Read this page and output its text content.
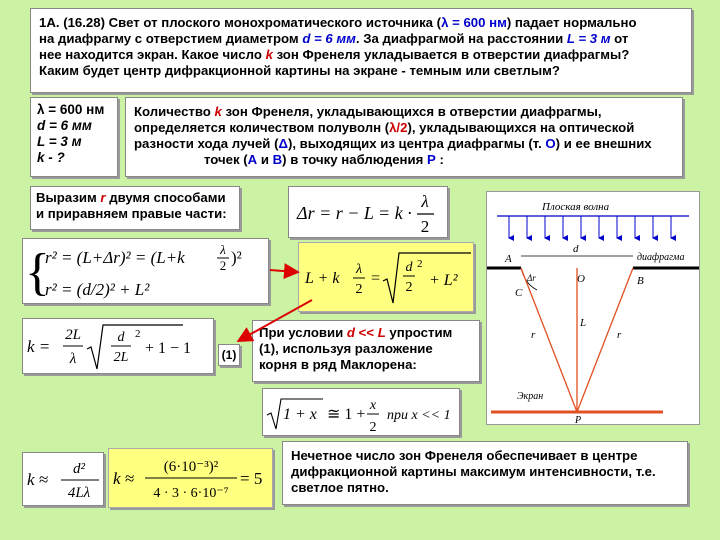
1А. (16.28) Свет от плоского монохроматического источника (λ = 600 нм) падает нормально
на диафрагму с отверстием диаметром d = 6 мм. За диафрагмой на расстоянии L = 3 м от
нее находится экран. Какое число k зон Френеля укладывается в отверстии диафрагмы?
Каким будет центр дифракционной картины на экране - темным или светлым?
λ = 600 нм
d = 6 мм
L = 3 м
k - ?
Количество k зон Френеля, укладывающихся в отверстии диафрагмы,
определяется количеством полуволн (λ/2), укладывающихся на оптической
разности хода лучей (Δ), выходящих из центра диафрагмы (т. О) и ее внешних
точек (А и В) в точку наблюдения Р :
Выразим r двумя способами
и приравняем правые части:	Δr = r − L = k ·
λ
2
{
r² = (L+Δr)² = (L+k	λ
2 )²
r² = (d/2)² + L²
L + k
λ
2
=
d
2
2
+ L²
k =
2L
λ
d
2L
2
+ 1 − 1	(1)
При условии d << L упростим
(1), используя разложение
корня в ряд Маклорена:
1 + x ≅ 1 +
x
2
при x << 1
k ≈
d²
4Lλ
k ≈
(6·10⁻³)²
4 · 3 · 6·10⁻⁷
= 5
Нечетное число зон Френеля обеспечивает в центре
дифракционной картины максимум интенсивности, т.е.
светлое пятно.
Плоская волна
диафрагма
d
A
B
O
C
Δr
r	r
L
Экран
P
